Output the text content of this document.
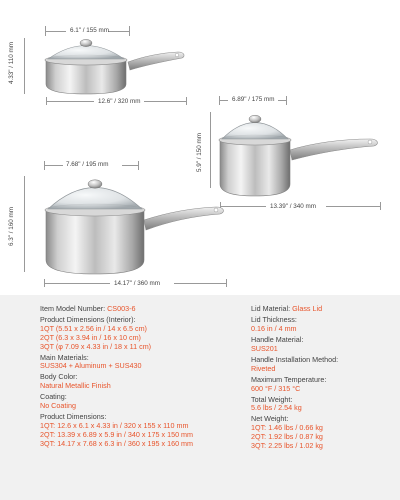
6.1" / 155 mm
4.33" / 110 mm
12.6" / 320 mm	6.89" / 175 mm
5.9" / 150 mm
13.39" / 340 mm
7.68" / 195 mm
6.3" / 160 mm
14.17" / 360 mm
Item Model Number: CS003-6
Product Dimensions (Interior):
1QT (5.51 x 2.56 in / 14 x 6.5 cm)
2QT (6.3 x 3.94 in / 16 x 10 cm)
3QT (φ 7.09 x 4.33 in / 18 x 11 cm)
Main Materials:
SUS304 + Aluminum + SUS430
Body Color:
Natural Metallic Finish
Coating:
No Coating
Product Dimensions:
1QT: 12.6 x 6.1 x 4.33 in / 320 x 155 x 110 mm
2QT: 13.39 x 6.89 x 5.9 in / 340 x 175 x 150 mm
3QT: 14.17 x 7.68 x 6.3 in / 360 x 195 x 160 mm
Lid Material: Glass Lid
Lid Thickness:
0.16 in / 4 mm
Handle Material:
SUS201
Handle Installation Method:
Riveted
Maximum Temperature:
600 °F / 315 °C
Total Weight:
5.6 lbs / 2.54 kg
Net Weight:
1QT: 1.46 lbs / 0.66 kg
2QT: 1.92 lbs / 0.87 kg
3QT: 2.25 lbs / 1.02 kg
